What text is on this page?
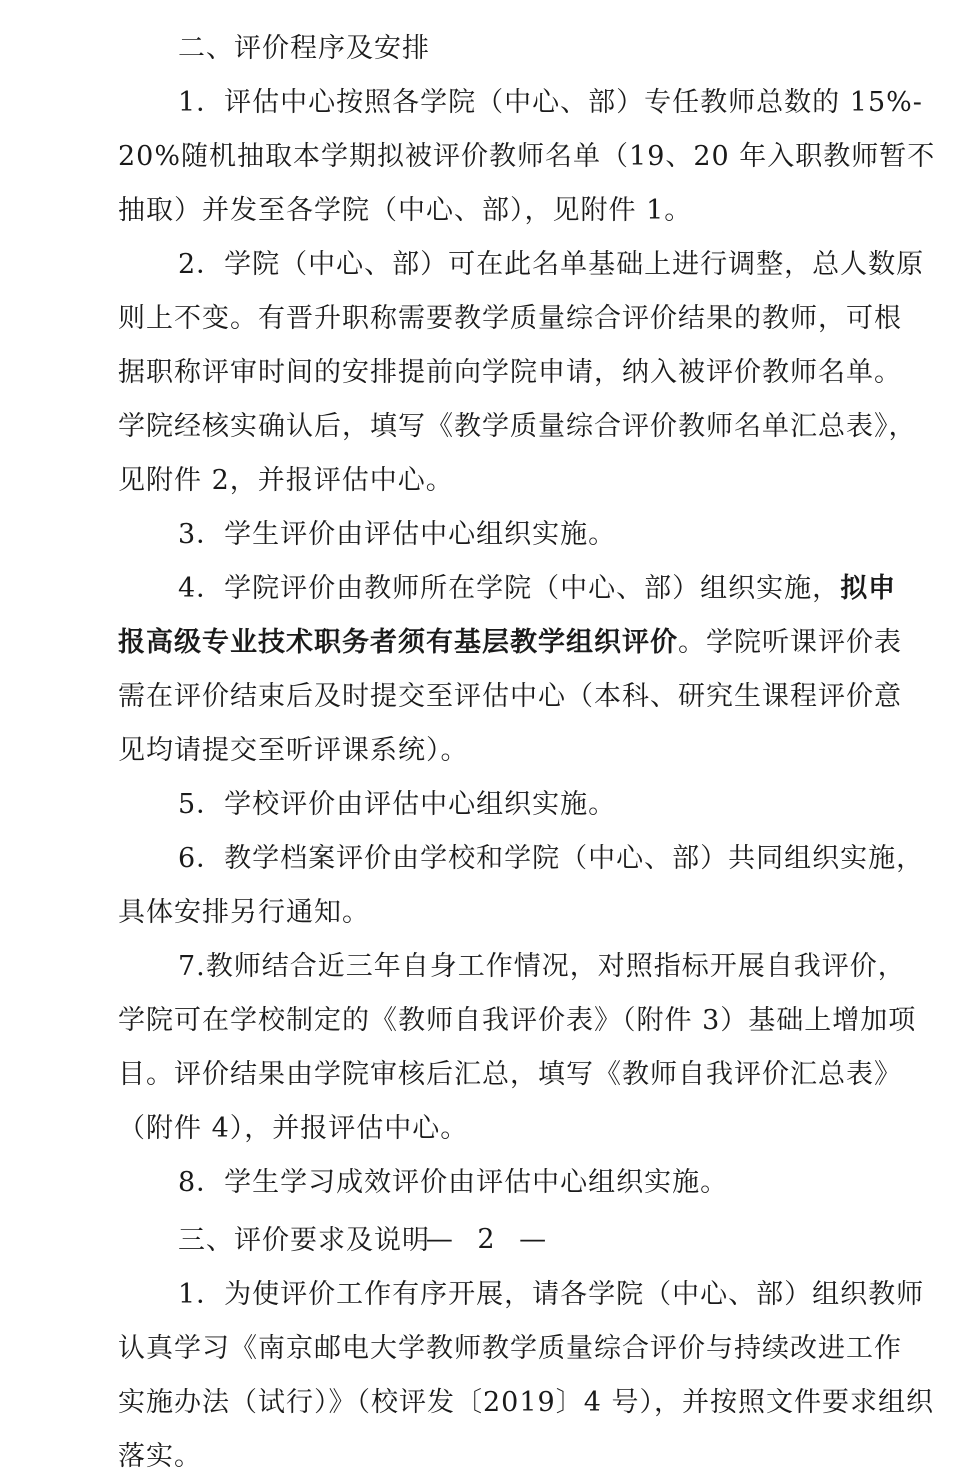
二、评价程序及安排
1．评估中心按照各学院（中心、部）专任教师总数的 15%-
20%随机抽取本学期拟被评价教师名单（19、20 年入职教师暂不
抽取）并发至各学院（中心、部），见附件 1。
2．学院（中心、部）可在此名单基础上进行调整，总人数原
则上不变。有晋升职称需要教学质量综合评价结果的教师，可根
据职称评审时间的安排提前向学院申请，纳入被评价教师名单。
学院经核实确认后，填写《教学质量综合评价教师名单汇总表》，
见附件 2，并报评估中心。
3．学生评价由评估中心组织实施。
4．学院评价由教师所在学院（中心、部）组织实施，拟申
报高级专业技术职务者须有基层教学组织评价。学院听课评价表
需在评价结束后及时提交至评估中心（本科、研究生课程评价意
见均请提交至听评课系统）。
5．学校评价由评估中心组织实施。
6．教学档案评价由学校和学院（中心、部）共同组织实施，
具体安排另行通知。
7.教师结合近三年自身工作情况，对照指标开展自我评价，
学院可在学校制定的《教师自我评价表》（附件 3）基础上增加项
目。评价结果由学院审核后汇总，填写《教师自我评价汇总表》
（附件 4），并报评估中心。
8．学生学习成效评价由评估中心组织实施。
三、评价要求及说明
1．为使评价工作有序开展，请各学院（中心、部）组织教师
认真学习《南京邮电大学教师教学质量综合评价与持续改进工作
实施办法（试行）》（校评发〔2019〕4 号），并按照文件要求组织
落实。
— 2 —
